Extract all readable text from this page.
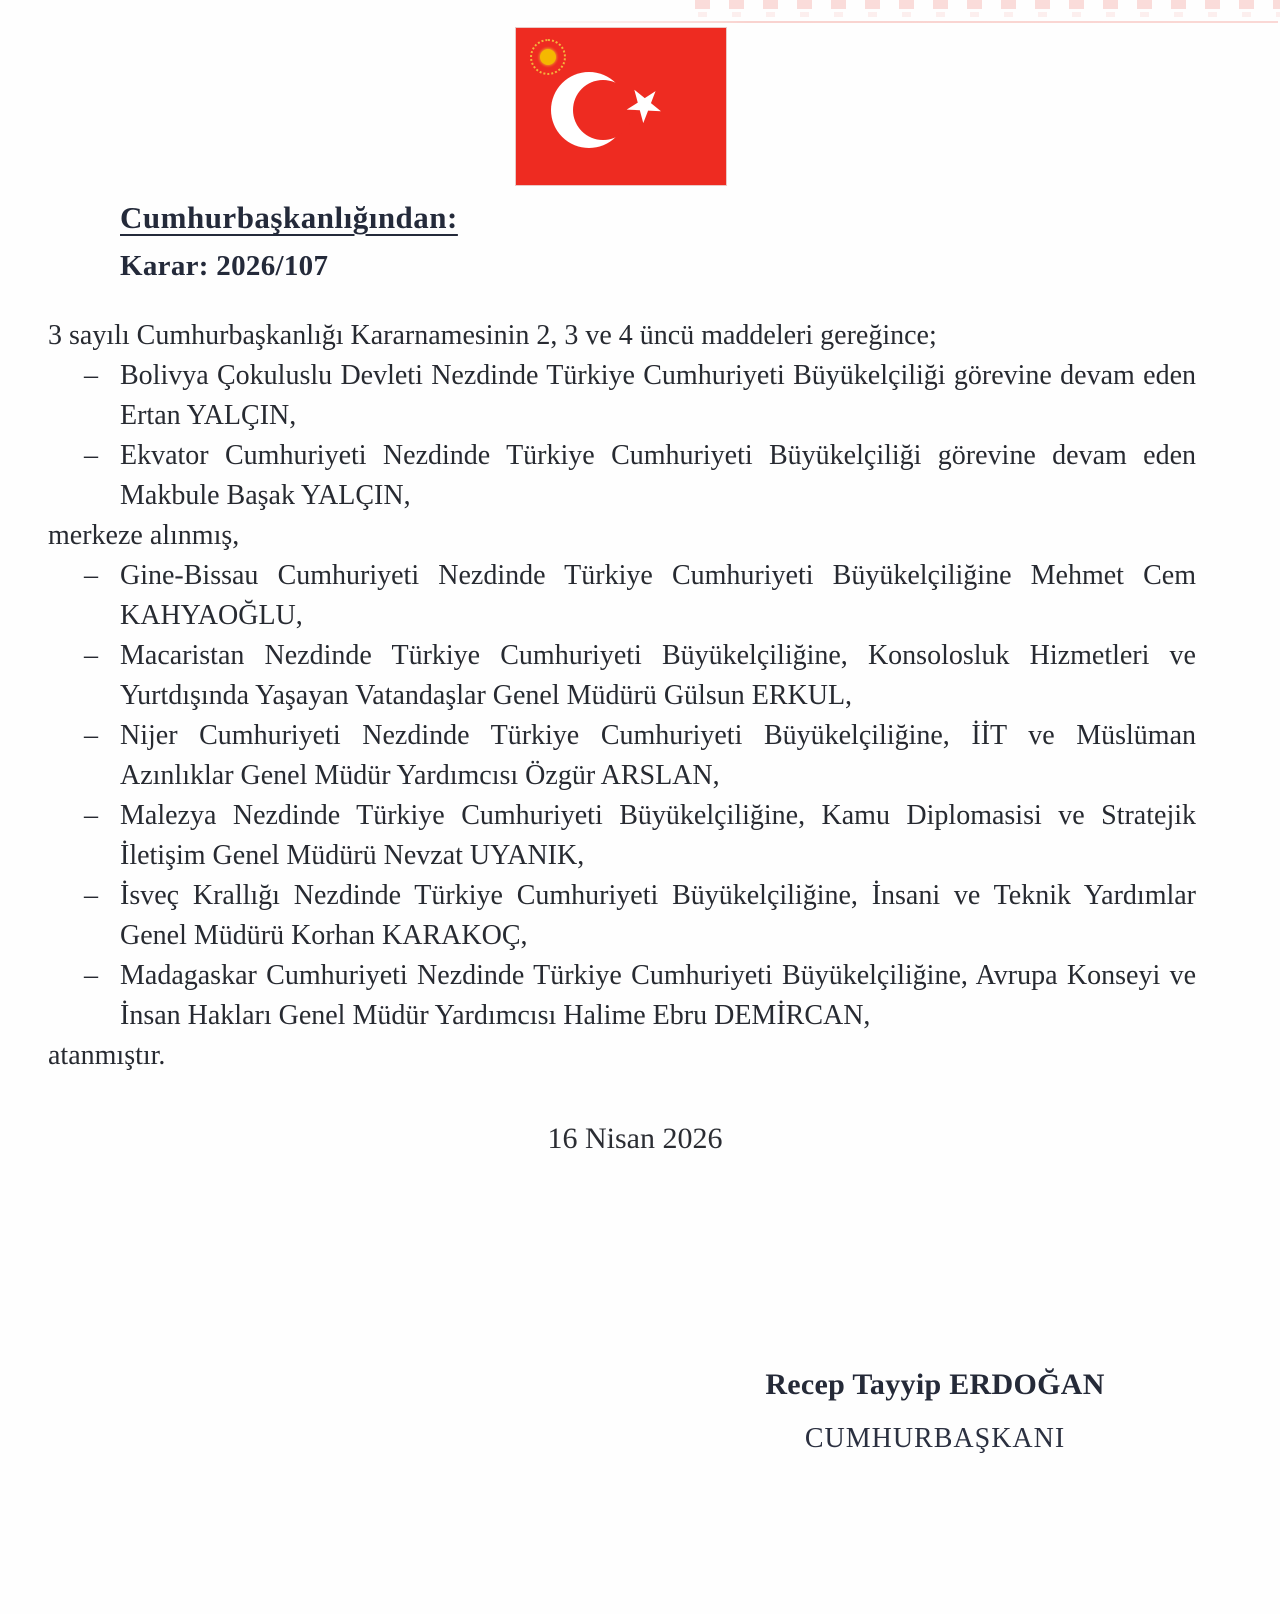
Cumhurbaşkanlığından:
Karar: 2026/107
3 sayılı Cumhurbaşkanlığı Kararnamesinin 2, 3 ve 4 üncü maddeleri gereğince;
– Bolivya Çokuluslu Devleti Nezdinde Türkiye Cumhuriyeti Büyükelçiliği görevine devam eden Ertan YALÇIN,
– Ekvator Cumhuriyeti Nezdinde Türkiye Cumhuriyeti Büyükelçiliği görevine devam eden Makbule Başak YALÇIN,
merkeze alınmış,
– Gine-Bissau Cumhuriyeti Nezdinde Türkiye Cumhuriyeti Büyükelçiliğine Mehmet Cem KAHYAOĞLU,
– Macaristan Nezdinde Türkiye Cumhuriyeti Büyükelçiliğine, Konsolosluk Hizmetleri ve Yurtdışında Yaşayan Vatandaşlar Genel Müdürü Gülsun ERKUL,
– Nijer Cumhuriyeti Nezdinde Türkiye Cumhuriyeti Büyükelçiliğine, İİT ve Müslüman Azınlıklar Genel Müdür Yardımcısı Özgür ARSLAN,
– Malezya Nezdinde Türkiye Cumhuriyeti Büyükelçiliğine, Kamu Diplomasisi ve Stratejik İletişim Genel Müdürü Nevzat UYANIK,
– İsveç Krallığı Nezdinde Türkiye Cumhuriyeti Büyükelçiliğine, İnsani ve Teknik Yardımlar Genel Müdürü Korhan KARAKOÇ,
– Madagaskar Cumhuriyeti Nezdinde Türkiye Cumhuriyeti Büyükelçiliğine, Avrupa Konseyi ve İnsan Hakları Genel Müdür Yardımcısı Halime Ebru DEMİRCAN,
atanmıştır.
16 Nisan 2026
Recep Tayyip ERDOĞAN
CUMHURBAŞKANI
